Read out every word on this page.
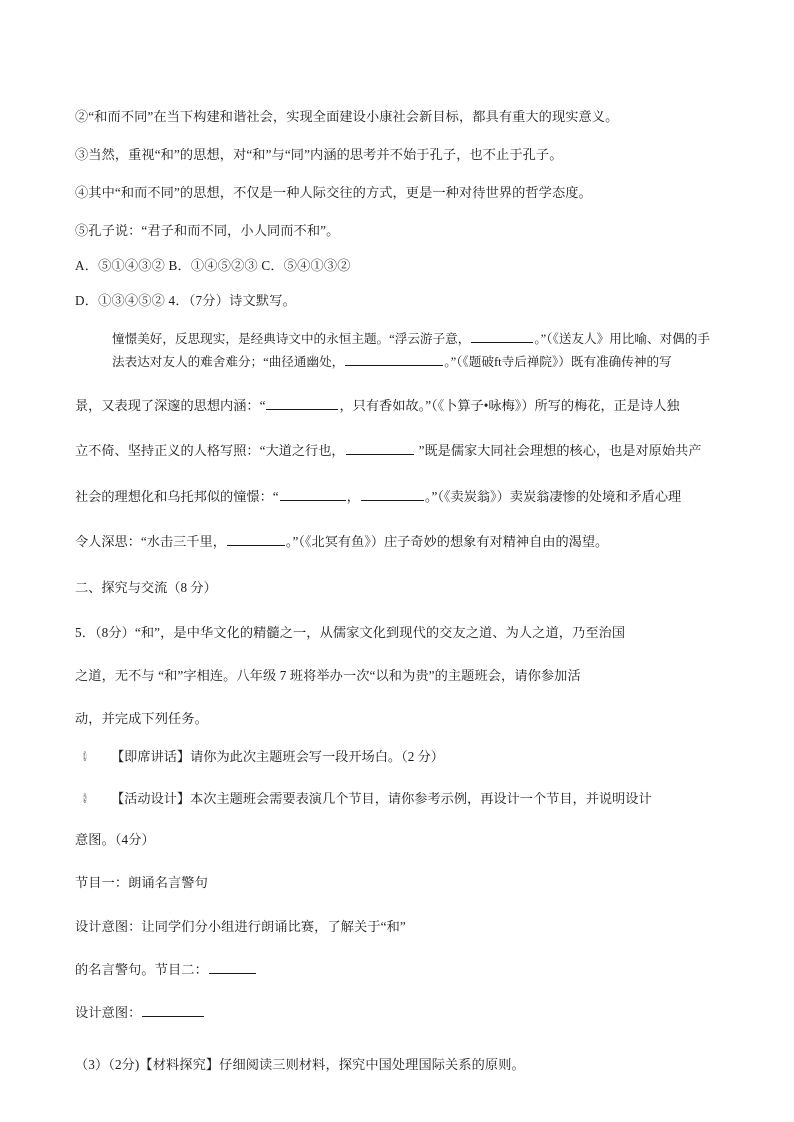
②“和而不同”在当下构建和谐社会，实现全面建设小康社会新目标，都具有重大的现实意义。

③当然，重视“和”的思想，对“和”与“同”内涵的思考并不始于孔子，也不止于孔子。

④其中“和而不同”的思想，不仅是一种人际交往的方式，更是一种对待世界的哲学态度。

⑤孔子说：“君子和而不同，小人同而不和”。

A．⑤①④③② B．①④⑤②③ C．⑤④①③②

D．①③④⑤② 4．（7分）诗文默写。

憧憬美好，反思现实，是经典诗文中的永恒主题。“浮云游子意，	。”（《送友人》用比喻、对偶的手法表达对友人的难舍难分；“曲径通幽处，	。”（《题破ft寺后禅院》）既有准确传神的写

景，又表现了深邃的思想内涵：“	，只有香如故。”（《卜算子•咏梅》）所写的梅花，正是诗人独

立不倚、坚持正义的人格写照：“大道之行也，	”既是儒家大同社会理想的核心，也是对原始共产

社会的理想化和乌托邦似的憧憬：“	，	。”（《卖炭翁》）卖炭翁凄惨的处境和矛盾心理

令人深思：“水击三千里，	。”（《北冥有鱼》）庄子奇妙的想象有对精神自由的渴望。

二、探究与交流（8 分）

5．（8分）“和”，是中华文化的精髓之一，从儒家文化到现代的交友之道、为人之道，乃至治国

之道，无不与 “和”字相连。八年级 7 班将举办一次“以和为贵”的主题班会，请你参加活

动，并完成下列任务。

① 【即席讲话】请你为此次主题班会写一段开场白。（2 分）
② 【活动设计】本次主题班会需要表演几个节目，请你参考示例，再设计一个节目，并说明设计

意图。（4分）

节目一：朗诵名言警句

设计意图：让同学们分小组进行朗诵比赛，了解关于“和”

的名言警句。节目二：

设计意图：

（3）（2分)【材料探究】仔细阅读三则材料，探究中国处理国际关系的原则。
